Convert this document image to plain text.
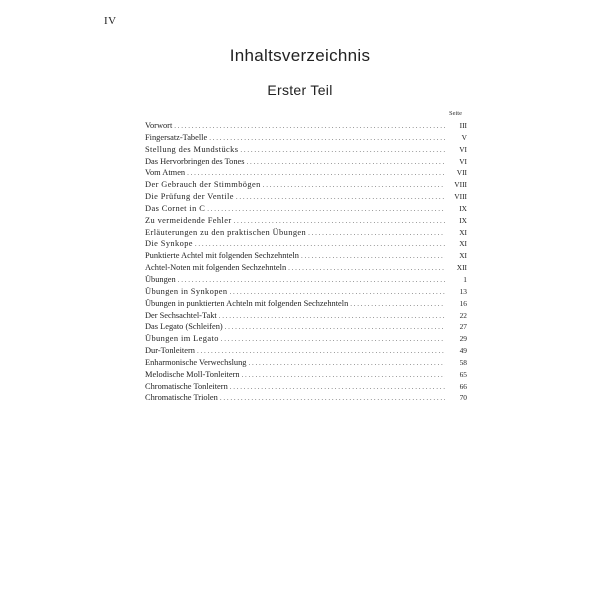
IV
Inhaltsverzeichnis
Erster Teil
Seite
Vorwort . . .	III
Fingersatz-Tabelle . . .	V
Stellung des Mundstücks . . .	VI
Das Hervorbringen des Tones . . .	VI
Vom Atmen . . .	VII
Der Gebrauch der Stimmbögen . . .	VIII
Die Prüfung der Ventile . . .	VIII
Das Cornet in C . . .	IX
Zu vermeidende Fehler . . .	IX
Erläuterungen zu den praktischen Übungen . . .	XI
Die Synkope . . .	XI
Punktierte Achtel mit folgenden Sechzehnteln . . .	XI
Achtel-Noten mit folgenden Sechzehnteln . . .	XII
Übungen . . .	1
Übungen in Synkopen . . .	13
Übungen in punktierten Achteln mit folgenden Sechzehnteln . . .	16
Der Sechsachtel-Takt . . .	22
Das Legato (Schleifen) . . .	27
Übungen im Legato . . .	29
Dur-Tonleitern . . .	49
Enharmonische Verwechslung . . .	58
Melodische Moll-Tonleitern . . .	65
Chromatische Tonleitern . . .	66
Chromatische Triolen . . .	70
